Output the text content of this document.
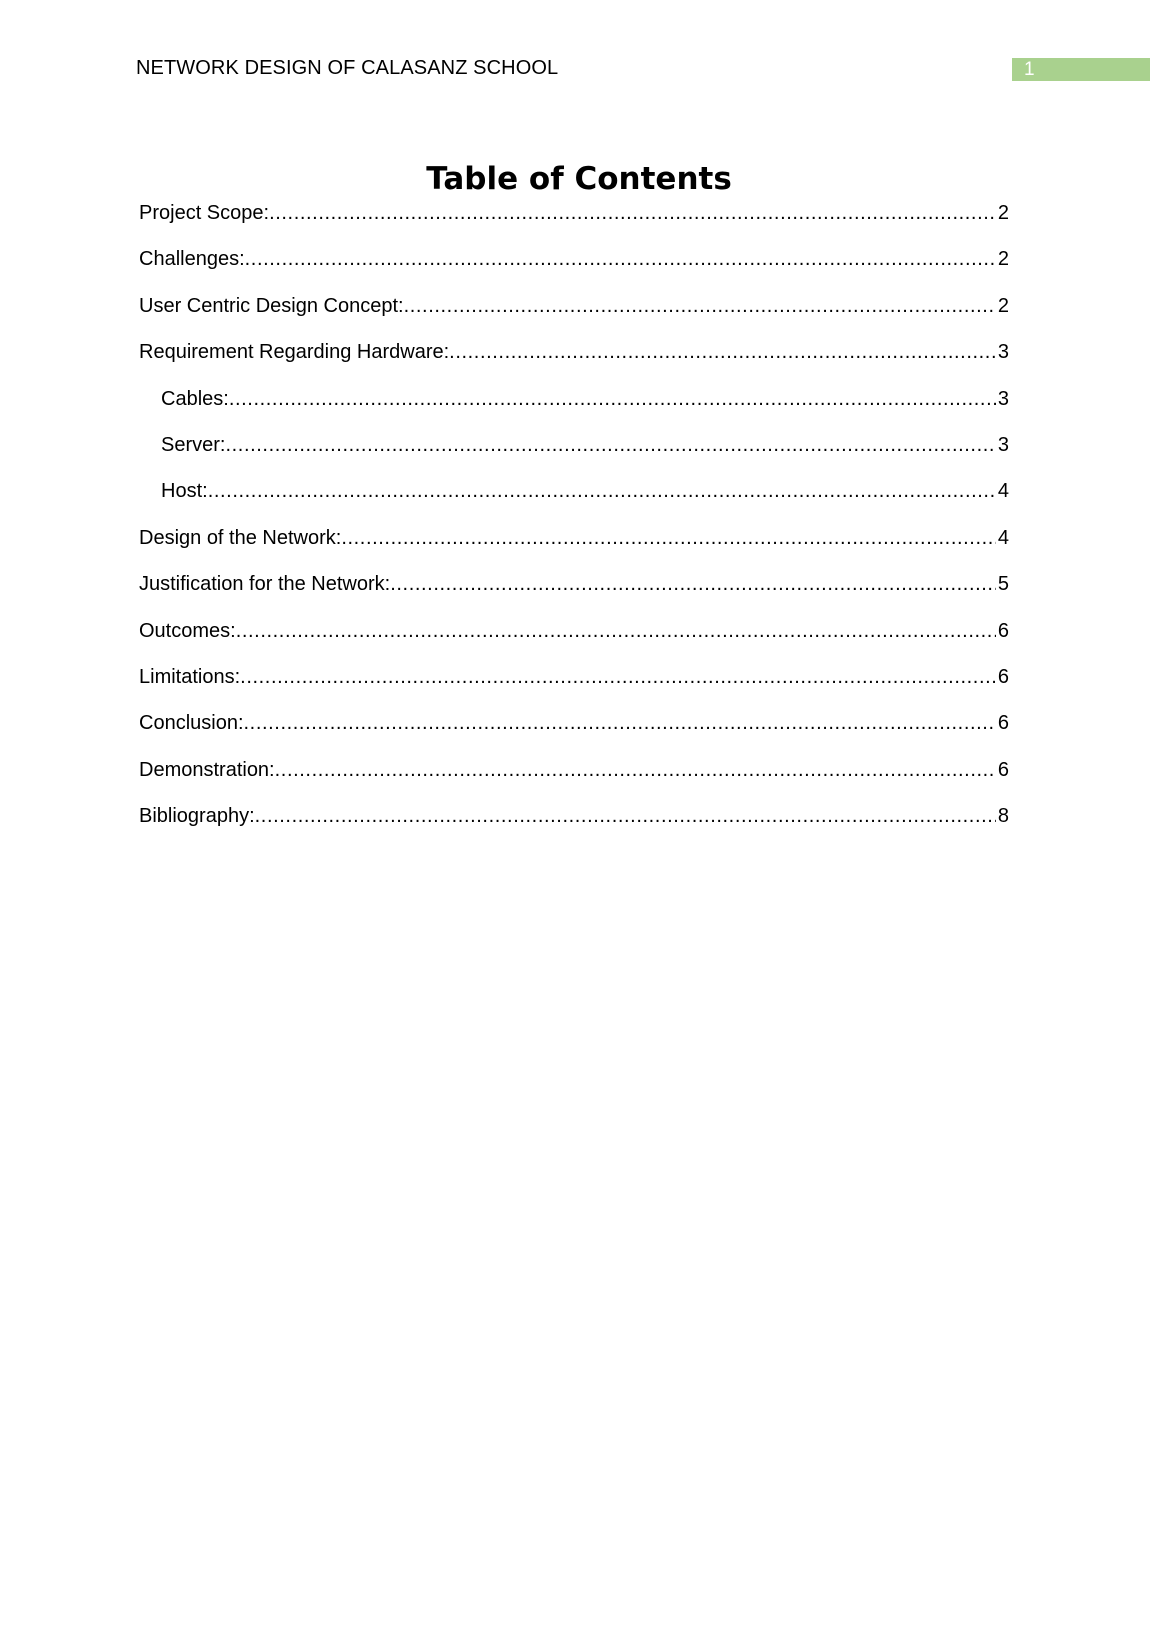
NETWORK DESIGN OF CALASANZ SCHOOL	1
Table of Contents
Project Scope: .....	2
Challenges: .....	2
User Centric Design Concept: .....	2
Requirement Regarding Hardware: .....	3
Cables: .....	3
Server: .....	3
Host: .....	4
Design of the Network: .....	4
Justification for the Network: .....	5
Outcomes: .....	6
Limitations: .....	6
Conclusion: .....	6
Demonstration: .....	6
Bibliography: .....	8
